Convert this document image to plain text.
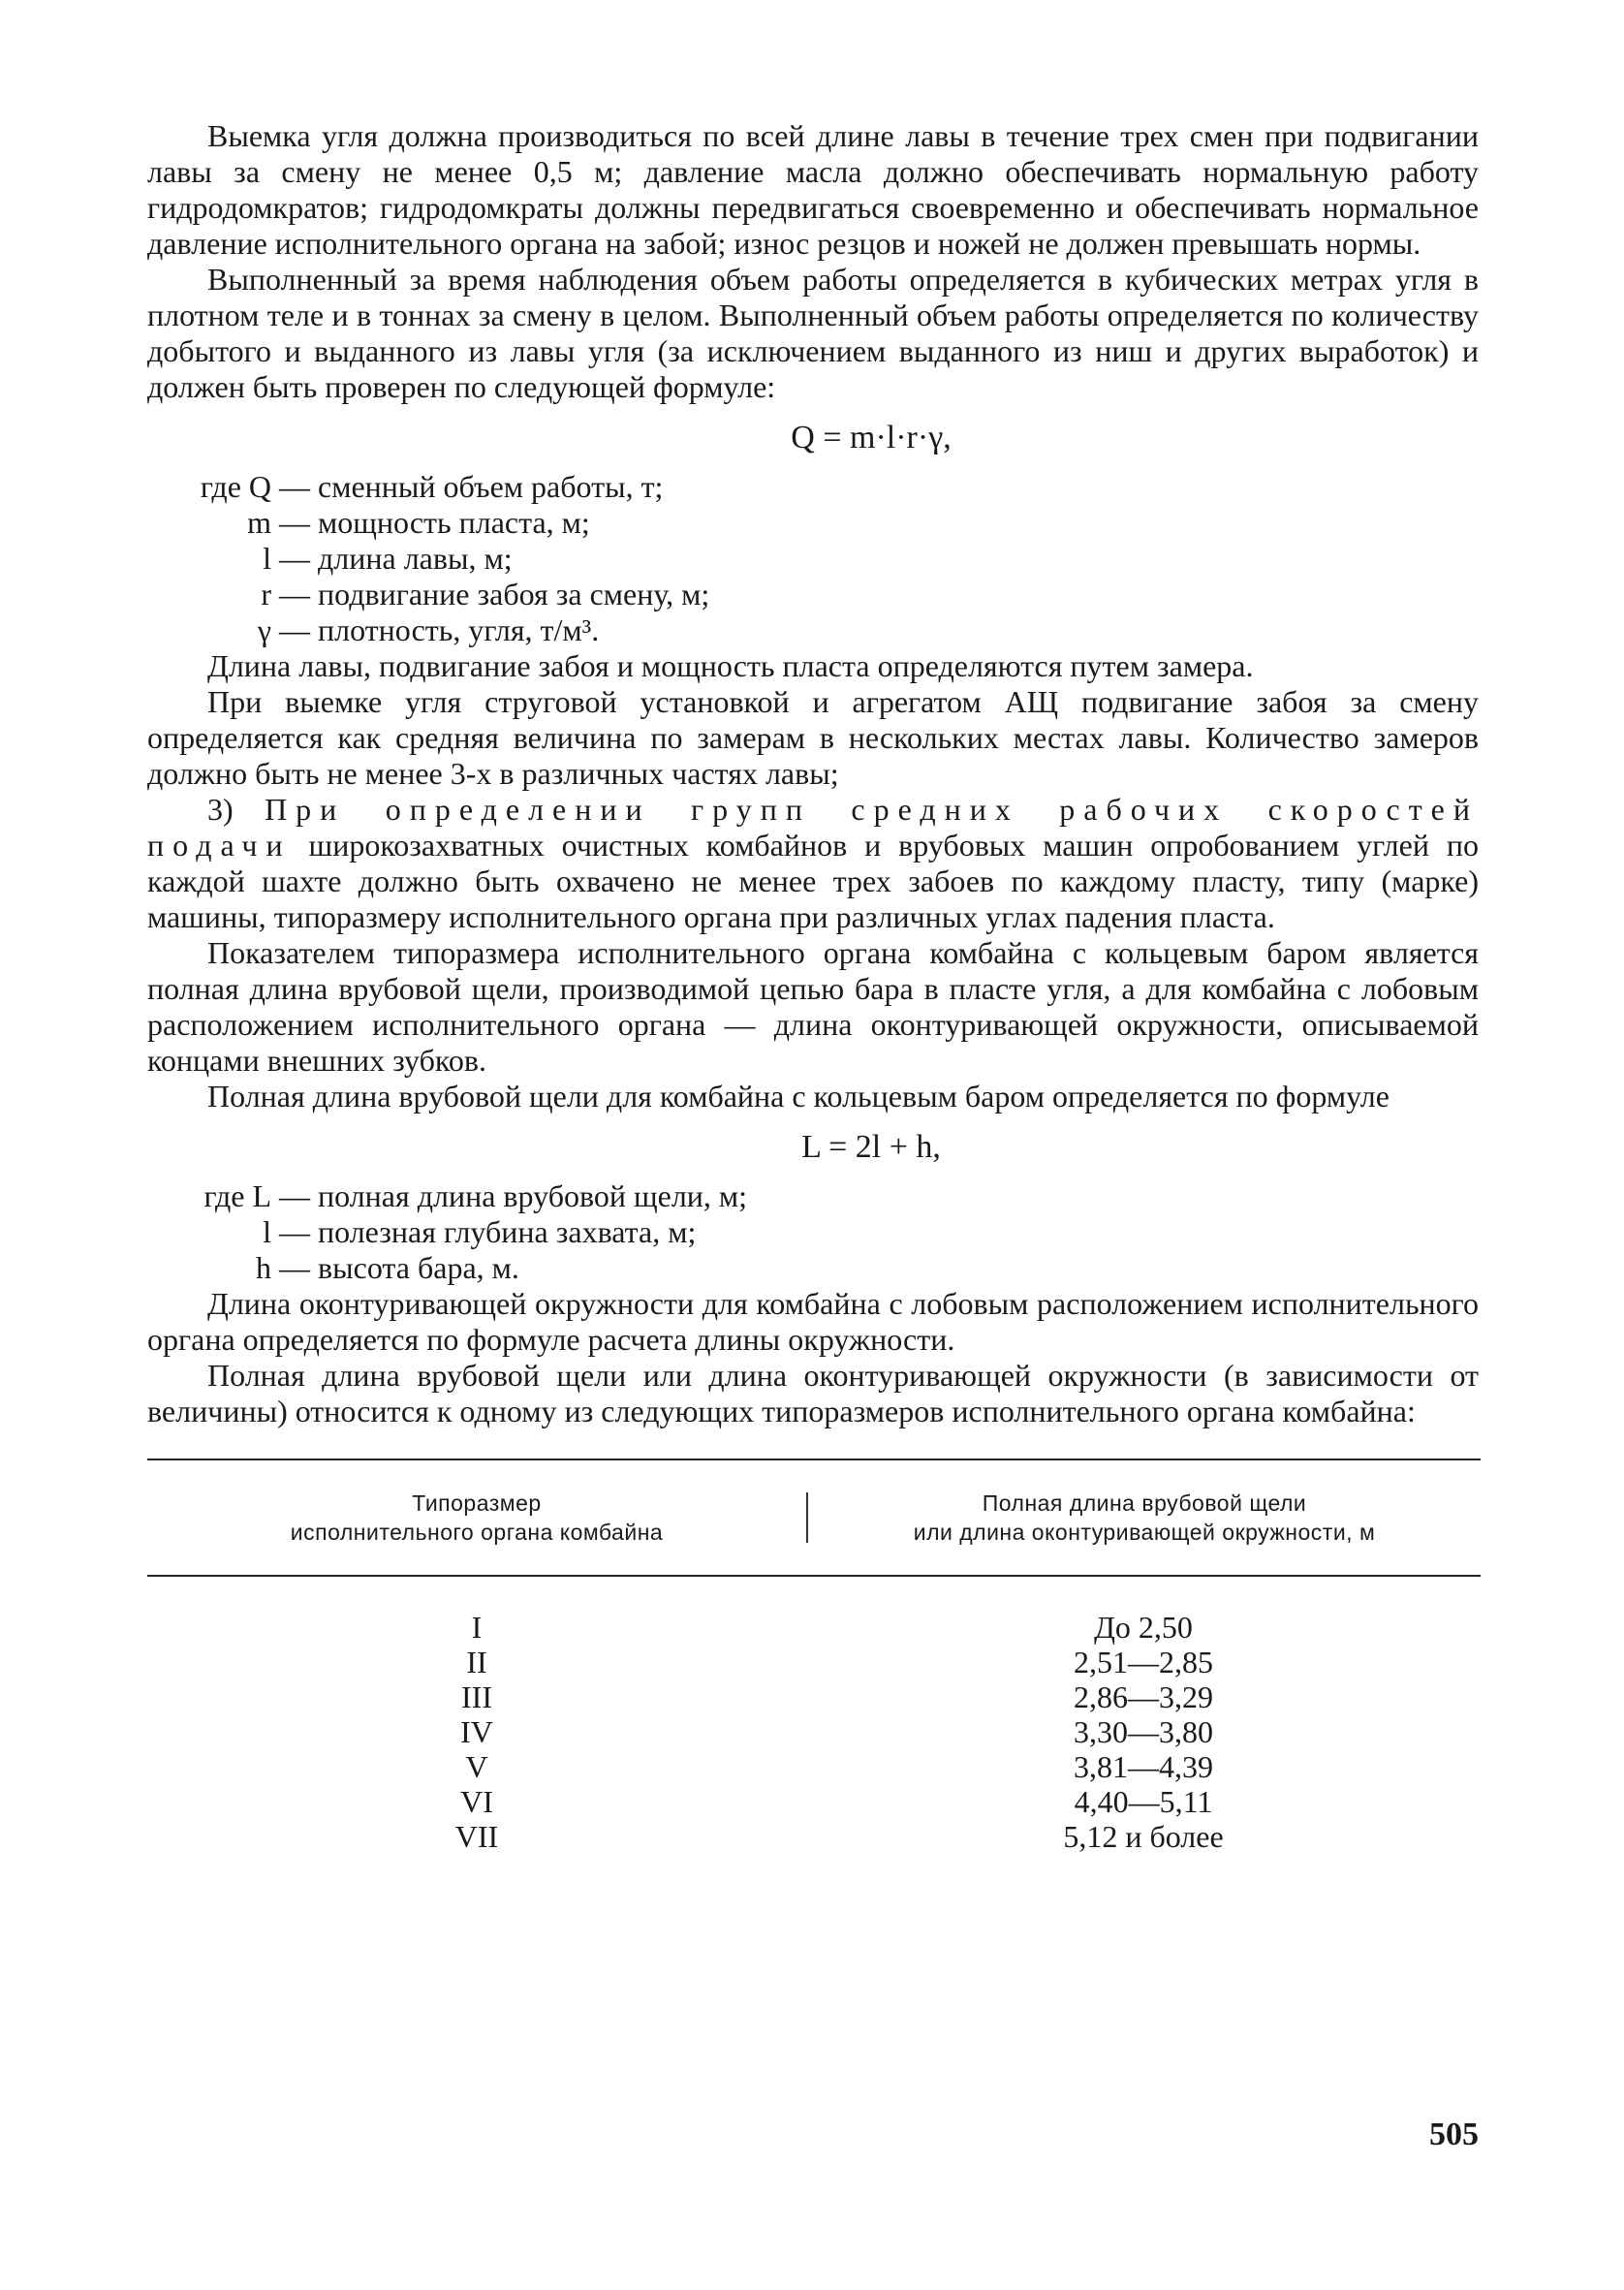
Выемка угля должна производиться по всей длине лавы в течение трех смен при подвигании лавы за смену не менее 0,5 м; давление масла должно обеспечивать нормальную работу гидродомкратов; гидродомкраты должны передвигаться своевременно и обеспечивать нормальное давление исполнительного органа на забой; износ резцов и ножей не должен превышать нормы.

Выполненный за время наблюдения объем работы определяется в кубических метрах угля в плотном теле и в тоннах за смену в целом. Выполненный объем работы определяется по количеству добытого и выданного из лавы угля (за исключением выданного из ниш и других выработок) и должен быть проверен по следующей формуле:

Q = m·l·r·γ,
где Q — сменный объем работы, т;
m — мощность пласта, м;
l — длина лавы, м;
r — подвигание забоя за смену, м;
γ — плотность, угля, т/м³.

Длина лавы, подвигание забоя и мощность пласта определяются путем замера.

При выемке угля струговой установкой и агрегатом АЩ подвигание забоя за смену определяется как средняя величина по замерам в нескольких местах лавы. Количество замеров должно быть не менее 3-х в различных частях лавы;

3) При определении групп средних рабочих скоростей подачи широкозахватных очистных комбайнов и врубовых машин опробованием углей по каждой шахте должно быть охвачено не менее трех забоев по каждому пласту, типу (марке) машины, типоразмеру исполнительного органа при различных углах падения пласта.

Показателем типоразмера исполнительного органа комбайна с кольцевым баром является полная длина врубовой щели, производимой цепью бара в пласте угля, а для комбайна с лобовым расположением исполнительного органа — длина оконтуривающей окружности, описываемой концами внешних зубков.

Полная длина врубовой щели для комбайна с кольцевым баром определяется по формуле

L = 2l + h,
где L — полная длина врубовой щели, м;
l — полезная глубина захвата, м;
h — высота бара, м.

Длина оконтуривающей окружности для комбайна с лобовым расположением исполнительного органа определяется по формуле расчета длины окружности.

Полная длина врубовой щели или длина оконтуривающей окружности (в зависимости от величины) относится к одному из следующих типоразмеров исполнительного органа комбайна:

Типоразмер
исполнительного органа комбайна
Полная длина врубовой щели
или длина оконтуривающей окружности, м
I	До 2,50
II	2,51—2,85
III	2,86—3,29
IV	3,30—3,80
V	3,81—4,39
VI	4,40—5,11
VII	5,12 и более
505
